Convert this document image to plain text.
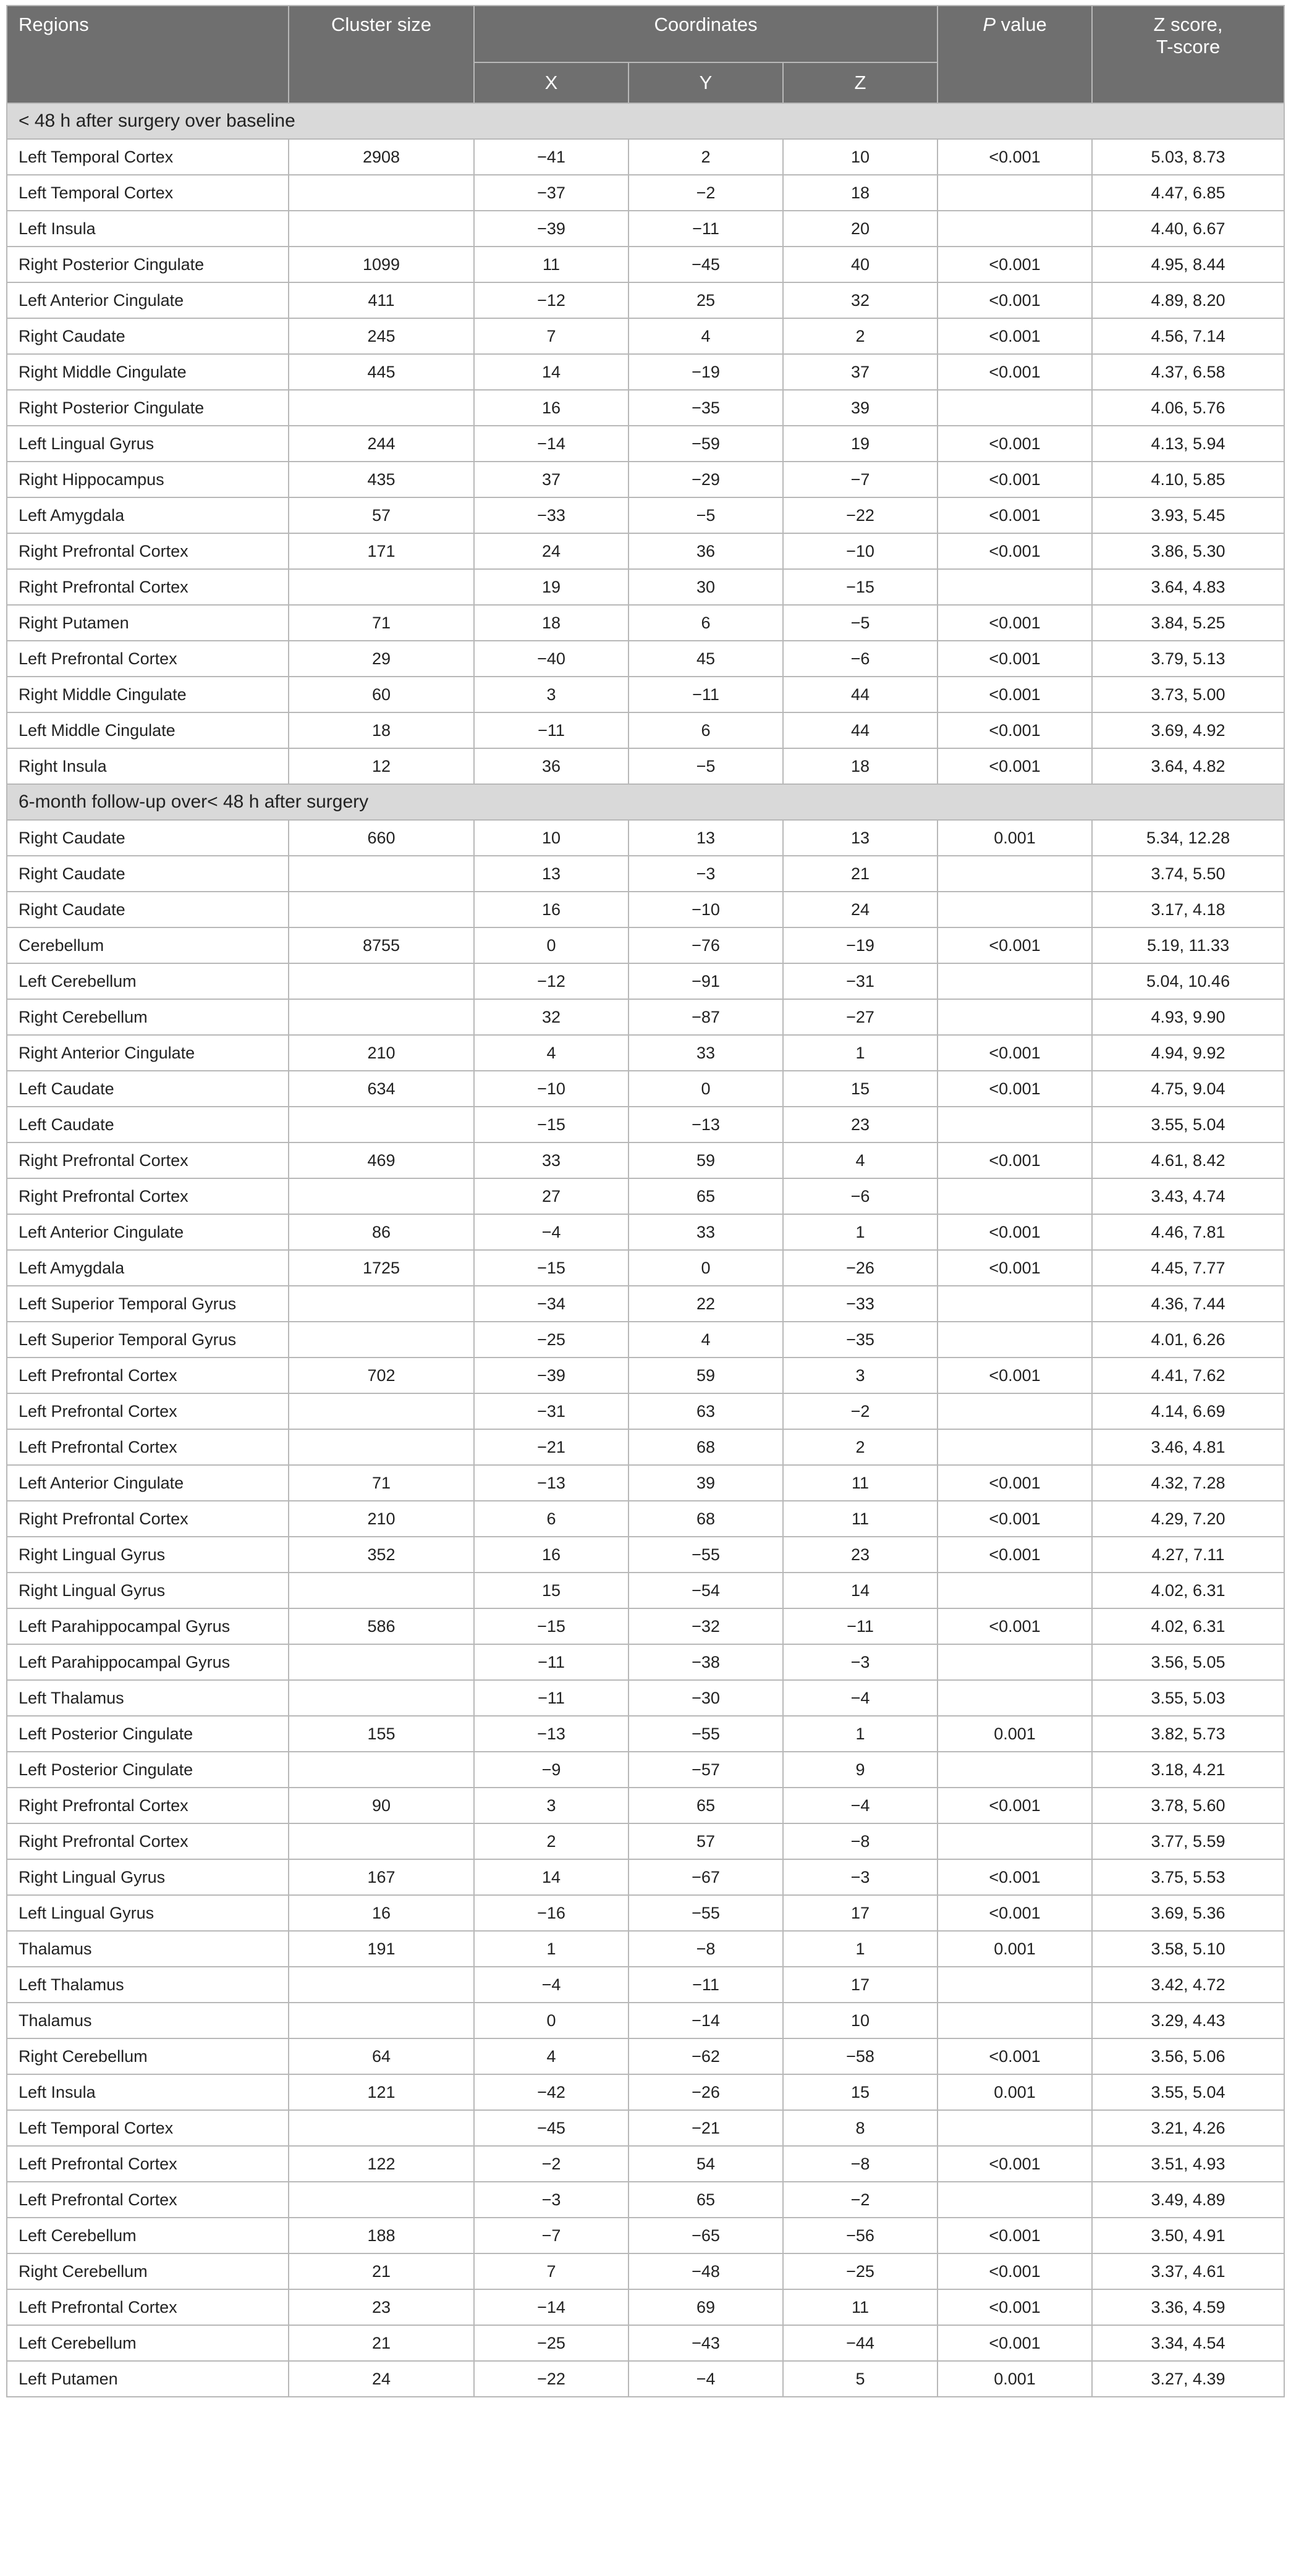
Regions	Cluster size	Coordinates			P value	Z score,
T-score
		X	Y	Z		
< 48 h after surgery over baseline						
Left Temporal Cortex	2908	−41	2	10	<0.001	5.03, 8.73
Left Temporal Cortex		−37	−2	18		4.47, 6.85
Left Insula		−39	−11	20		4.40, 6.67
Right Posterior Cingulate	1099	11	−45	40	<0.001	4.95, 8.44
Left Anterior Cingulate	411	−12	25	32	<0.001	4.89, 8.20
Right Caudate	245	7	4	2	<0.001	4.56, 7.14
Right Middle Cingulate	445	14	−19	37	<0.001	4.37, 6.58
Right Posterior Cingulate		16	−35	39		4.06, 5.76
Left Lingual Gyrus	244	−14	−59	19	<0.001	4.13, 5.94
Right Hippocampus	435	37	−29	−7	<0.001	4.10, 5.85
Left Amygdala	57	−33	−5	−22	<0.001	3.93, 5.45
Right Prefrontal Cortex	171	24	36	−10	<0.001	3.86, 5.30
Right Prefrontal Cortex		19	30	−15		3.64, 4.83
Right Putamen	71	18	6	−5	<0.001	3.84, 5.25
Left Prefrontal Cortex	29	−40	45	−6	<0.001	3.79, 5.13
Right Middle Cingulate	60	3	−11	44	<0.001	3.73, 5.00
Left Middle Cingulate	18	−11	6	44	<0.001	3.69, 4.92
Right Insula	12	36	−5	18	<0.001	3.64, 4.82
6-month follow-up over< 48 h after surgery						
Right Caudate	660	10	13	13	0.001	5.34, 12.28
Right Caudate		13	−3	21		3.74, 5.50
Right Caudate		16	−10	24		3.17, 4.18
Cerebellum	8755	0	−76	−19	<0.001	5.19, 11.33
Left Cerebellum		−12	−91	−31		5.04, 10.46
Right Cerebellum		32	−87	−27		4.93, 9.90
Right Anterior Cingulate	210	4	33	1	<0.001	4.94, 9.92
Left Caudate	634	−10	0	15	<0.001	4.75, 9.04
Left Caudate		−15	−13	23		3.55, 5.04
Right Prefrontal Cortex	469	33	59	4	<0.001	4.61, 8.42
Right Prefrontal Cortex		27	65	−6		3.43, 4.74
Left Anterior Cingulate	86	−4	33	1	<0.001	4.46, 7.81
Left Amygdala	1725	−15	0	−26	<0.001	4.45, 7.77
Left Superior Temporal Gyrus		−34	22	−33		4.36, 7.44
Left Superior Temporal Gyrus		−25	4	−35		4.01, 6.26
Left Prefrontal Cortex	702	−39	59	3	<0.001	4.41, 7.62
Left Prefrontal Cortex		−31	63	−2		4.14, 6.69
Left Prefrontal Cortex		−21	68	2		3.46, 4.81
Left Anterior Cingulate	71	−13	39	11	<0.001	4.32, 7.28
Right Prefrontal Cortex	210	6	68	11	<0.001	4.29, 7.20
Right Lingual Gyrus	352	16	−55	23	<0.001	4.27, 7.11
Right Lingual Gyrus		15	−54	14		4.02, 6.31
Left Parahippocampal Gyrus	586	−15	−32	−11	<0.001	4.02, 6.31
Left Parahippocampal Gyrus		−11	−38	−3		3.56, 5.05
Left Thalamus		−11	−30	−4		3.55, 5.03
Left Posterior Cingulate	155	−13	−55	1	0.001	3.82, 5.73
Left Posterior Cingulate		−9	−57	9		3.18, 4.21
Right Prefrontal Cortex	90	3	65	−4	<0.001	3.78, 5.60
Right Prefrontal Cortex		2	57	−8		3.77, 5.59
Right Lingual Gyrus	167	14	−67	−3	<0.001	3.75, 5.53
Left Lingual Gyrus	16	−16	−55	17	<0.001	3.69, 5.36
Thalamus	191	1	−8	1	0.001	3.58, 5.10
Left Thalamus		−4	−11	17		3.42, 4.72
Thalamus		0	−14	10		3.29, 4.43
Right Cerebellum	64	4	−62	−58	<0.001	3.56, 5.06
Left Insula	121	−42	−26	15	0.001	3.55, 5.04
Left Temporal Cortex		−45	−21	8		3.21, 4.26
Left Prefrontal Cortex	122	−2	54	−8	<0.001	3.51, 4.93
Left Prefrontal Cortex		−3	65	−2		3.49, 4.89
Left Cerebellum	188	−7	−65	−56	<0.001	3.50, 4.91
Right Cerebellum	21	7	−48	−25	<0.001	3.37, 4.61
Left Prefrontal Cortex	23	−14	69	11	<0.001	3.36, 4.59
Left Cerebellum	21	−25	−43	−44	<0.001	3.34, 4.54
Left Putamen	24	−22	−4	5	0.001	3.27, 4.39
